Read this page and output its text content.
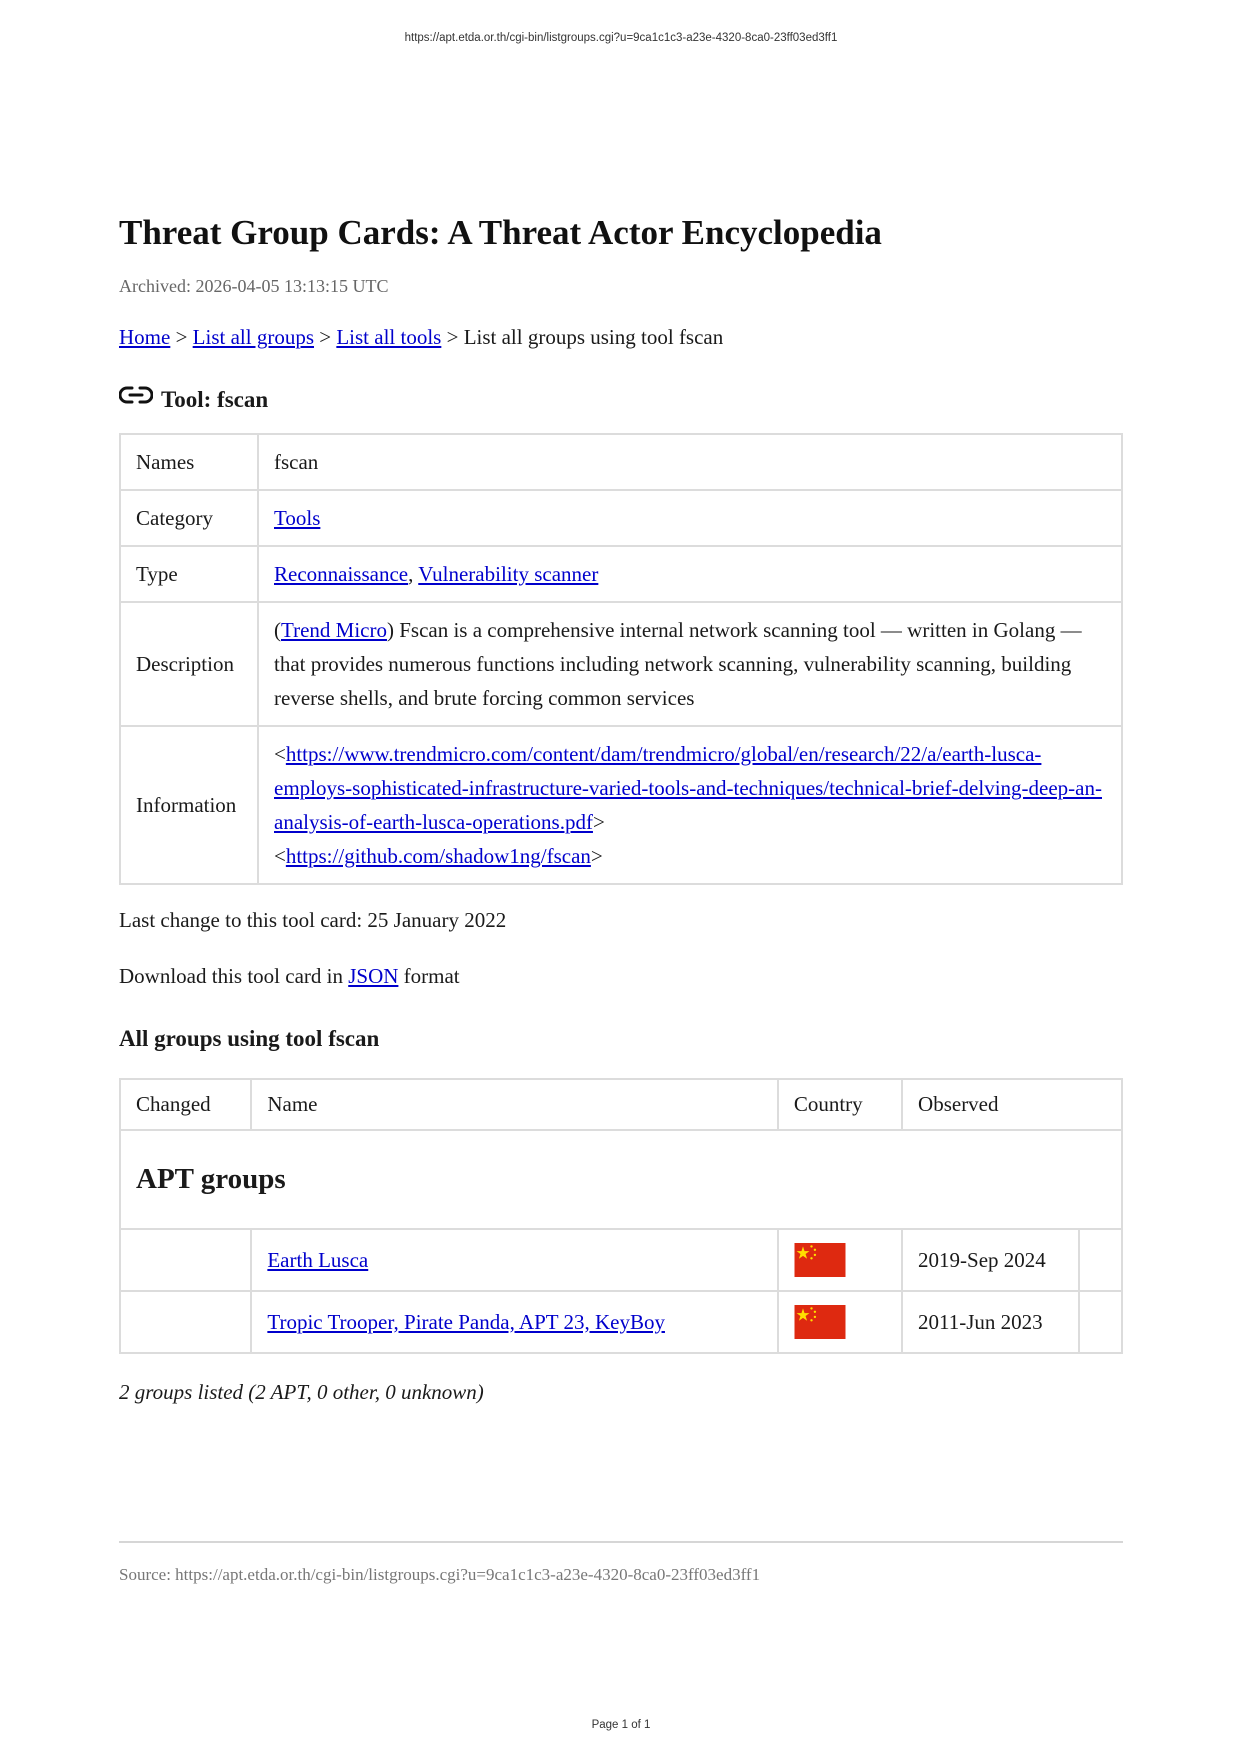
https://apt.etda.or.th/cgi-bin/listgroups.cgi?u=9ca1c1c3-a23e-4320-8ca0-23ff03ed3ff1
Threat Group Cards: A Threat Actor Encyclopedia
Archived: 2026-04-05 13:13:15 UTC
Home > List all groups > List all tools > List all groups using tool fscan
Tool: fscan
Names	fscan
Category	Tools
Type	Reconnaissance, Vulnerability scanner
Description	(Trend Micro) Fscan is a comprehensive internal network scanning tool — written in Golang — that provides numerous functions including network scanning, vulnerability scanning, building reverse shells, and brute forcing common services
Information	<https://www.trendmicro.com/content/dam/trendmicro/global/en/research/22/a/earth-lusca-employs-sophisticated-infrastructure-varied-tools-and-techniques/technical-brief-delving-deep-an-analysis-of-earth-lusca-operations.pdf>
<https://github.com/shadow1ng/fscan>
Last change to this tool card: 25 January 2022
Download this tool card in JSON format
All groups using tool fscan
Changed	Name	Country	Observed	
APT groups				
	Earth Lusca		2019-Sep 2024	
	Tropic Trooper, Pirate Panda, APT 23, KeyBoy		2011-Jun 2023	
2 groups listed (2 APT, 0 other, 0 unknown)
Source: https://apt.etda.or.th/cgi-bin/listgroups.cgi?u=9ca1c1c3-a23e-4320-8ca0-23ff03ed3ff1
Page 1 of 1
